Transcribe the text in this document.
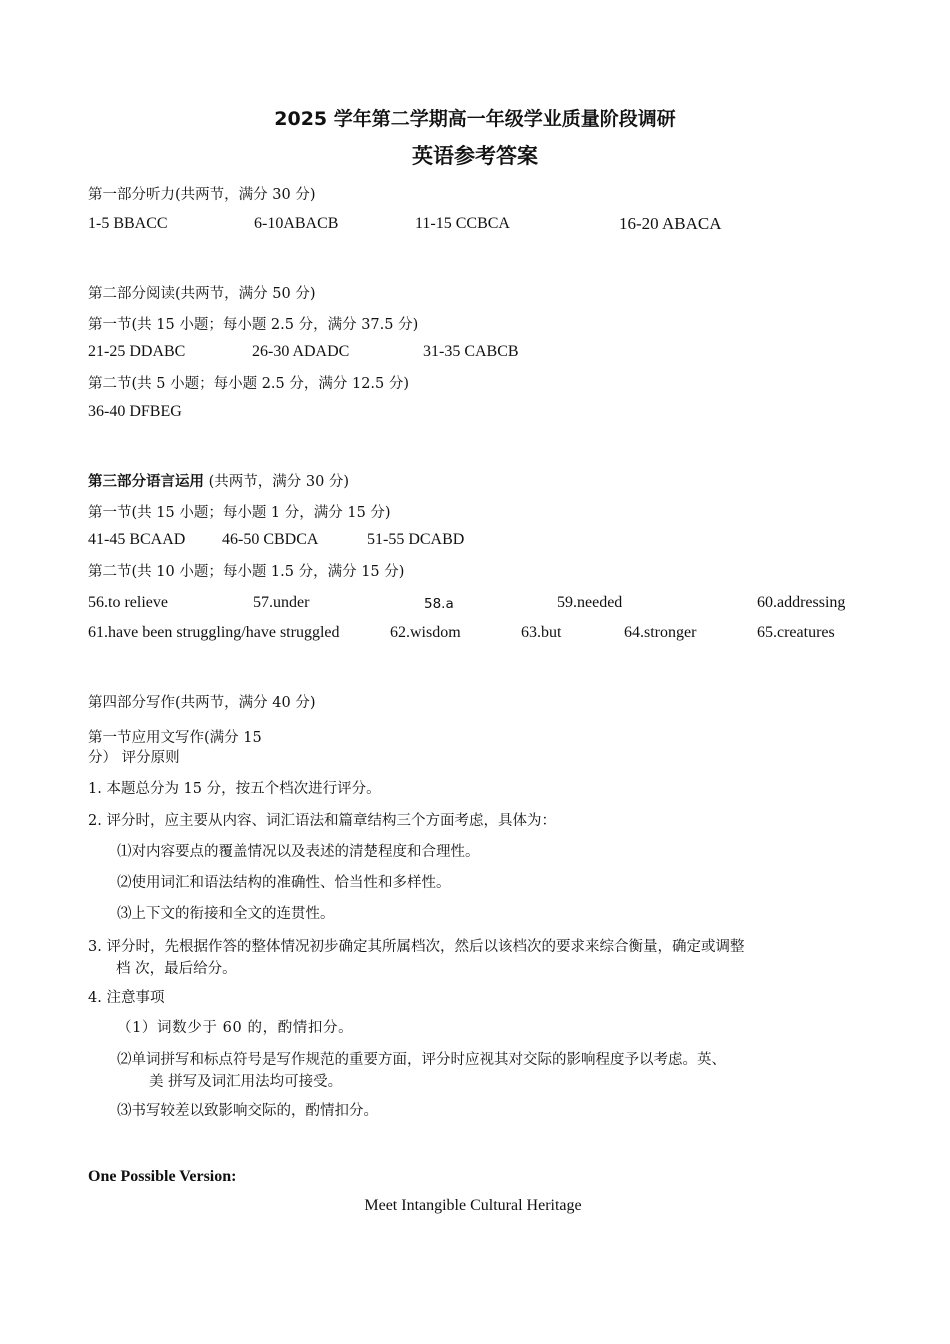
2025 学年第二学期高一年级学业质量阶段调研
英语参考答案
第一部分听力(共两节，满分 30 分)
1-5 BBACC	6-10ABACB	11-15 CCBCA	16-20 ABACA
第二部分阅读(共两节，满分 50 分)
第一节(共 15 小题；每小题 2.5 分，满分 37.5 分)
21-25 DDABC	26-30 ADADC	31-35 CABCB
第二节(共 5 小题；每小题 2.5 分，满分 12.5 分)
36-40 DFBEG
第三部分语言运用 (共两节，满分 30 分)
第一节(共 15 小题；每小题 1 分，满分 15 分)
41-45 BCAAD 46-50 CBDCA	51-55 DCABD
第二节(共 10 小题；每小题 1.5 分，满分 15 分)
56.to relieve	57.under	58.a	59.needed	60.addressing
61.have been struggling/have struggled	62.wisdom	63.but	64.stronger	65.creatures
第四部分写作(共两节，满分 40 分)
第一节应用文写作(满分 15
分） 评分原则
1. 本题总分为 15 分，按五个档次进行评分。
2. 评分时，应主要从内容、词汇语法和篇章结构三个方面考虑，具体为：
⑴对内容要点的覆盖情况以及表述的清楚程度和合理性。
⑵使用词汇和语法结构的准确性、恰当性和多样性。
⑶上下文的衔接和全文的连贯性。
3. 评分时，先根据作答的整体情况初步确定其所属档次，然后以该档次的要求来综合衡量，确定或调整
档 次，最后给分。
4. 注意事项
（1）词数少于 60 的，酌情扣分。
⑵单词拼写和标点符号是写作规范的重要方面，评分时应视其对交际的影响程度予以考虑。英、
美 拼写及词汇用法均可接受。
⑶书写较差以致影响交际的，酌情扣分。
One Possible Version:
Meet Intangible Cultural Heritage
